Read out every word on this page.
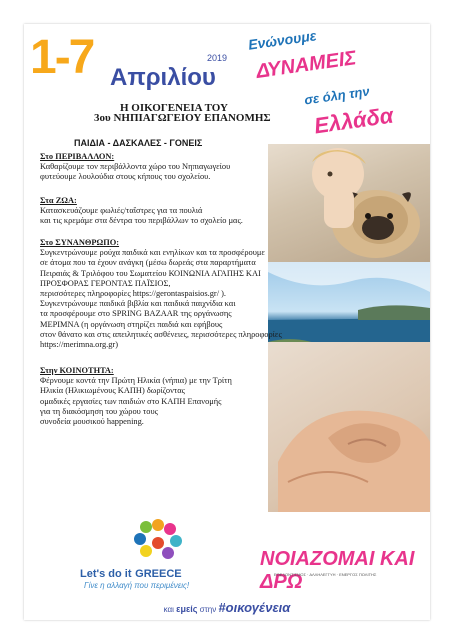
1-7	2019
Απριλίου
Η ΟΙΚΟΓΕΝΕΙΑ ΤΟΥ
3ου ΝΗΠΙΑΓΩΓΕΙΟΥ ΕΠΑΝΟΜΗΣ
ΠΑΙΔΙΑ - ΔΑΣΚΑΛΕΣ - ΓΟΝΕΙΣ
Ενώνουμε
ΔΥΝΑΜΕΙΣ
σε όλη την
Ελλάδα
Στο ΠΕΡΙΒΑΛΛΟΝ:
Καθαρίζουμε τον περιβάλλοντα χώρο του Νηπιαγωγείου
φυτεύουμε λουλούδια στους κήπους του σχολείου.
Στα ΖΩΑ:
Κατασκευάζουμε φωλιές/ταΐστρες για τα πουλιά
και τις κρεμάμε στα δέντρα του περιβάλλων το σχολείο μας.
Στο ΣΥΝΑΝΘΡΩΠΟ:
Συγκεντρώνουμε ρούχα παιδικά και ενηλίκων και τα προσφέρουμε
σε άτομα που τα έχουν ανάγκη (μέσω δωρεάς στα παραρτήματα
Πειραιάς & Τριλόφου του Σωματείου ΚΟΙΝΩΝΙΑ ΑΓΑΠΗΣ ΚΑΙ
ΠΡΟΣΦΟΡΑΣ ΓΕΡΟΝΤΑΣ ΠΑΪΣΙΟΣ,
περισσότερες πληροφορίες https://gerontaspaisios.gr/ ).
Συγκεντρώνουμε παιδικά βιβλία και παιδικά παιχνίδια και
τα προσφέρουμε στο SPRING BAZAAR της οργάνωσης
ΜΕΡΙΜΝΑ (η οργάνωση στηρίζει παιδιά και εφήβους
στον θάνατο και στις απειλητικές ασθένειες, περισσότερες πληροφορίες
https://merimna.org.gr)
Στην ΚΟΙΝΟΤΗΤΑ:
Φέρνουμε κοντά την Πρώτη Ηλικία (νήπια) με την Τρίτη
Ηλικία (Ηλικιωμένους ΚΑΠΗ) δωρίζοντας
ομαδικές εργασίες των παιδιών στο ΚΑΠΗ Επανομής
για τη διακόσμηση του χώρου τους
συνοδεία μουσικού happening.
Let's do it GREECE
Γίνε η αλλαγή που περιμένεις!
ΝΟΙΑΖΟΜΑΙ ΚΑΙ ΔΡΩ
ΕΘΕΛΟΝΤΙΣΜΟΣ · ΑΛΛΗΛΕΓΓΥΗ · ΕΝΕΡΓΟΣ ΠΟΛΙΤΗΣ
και εμείς στην #οικογένεια
